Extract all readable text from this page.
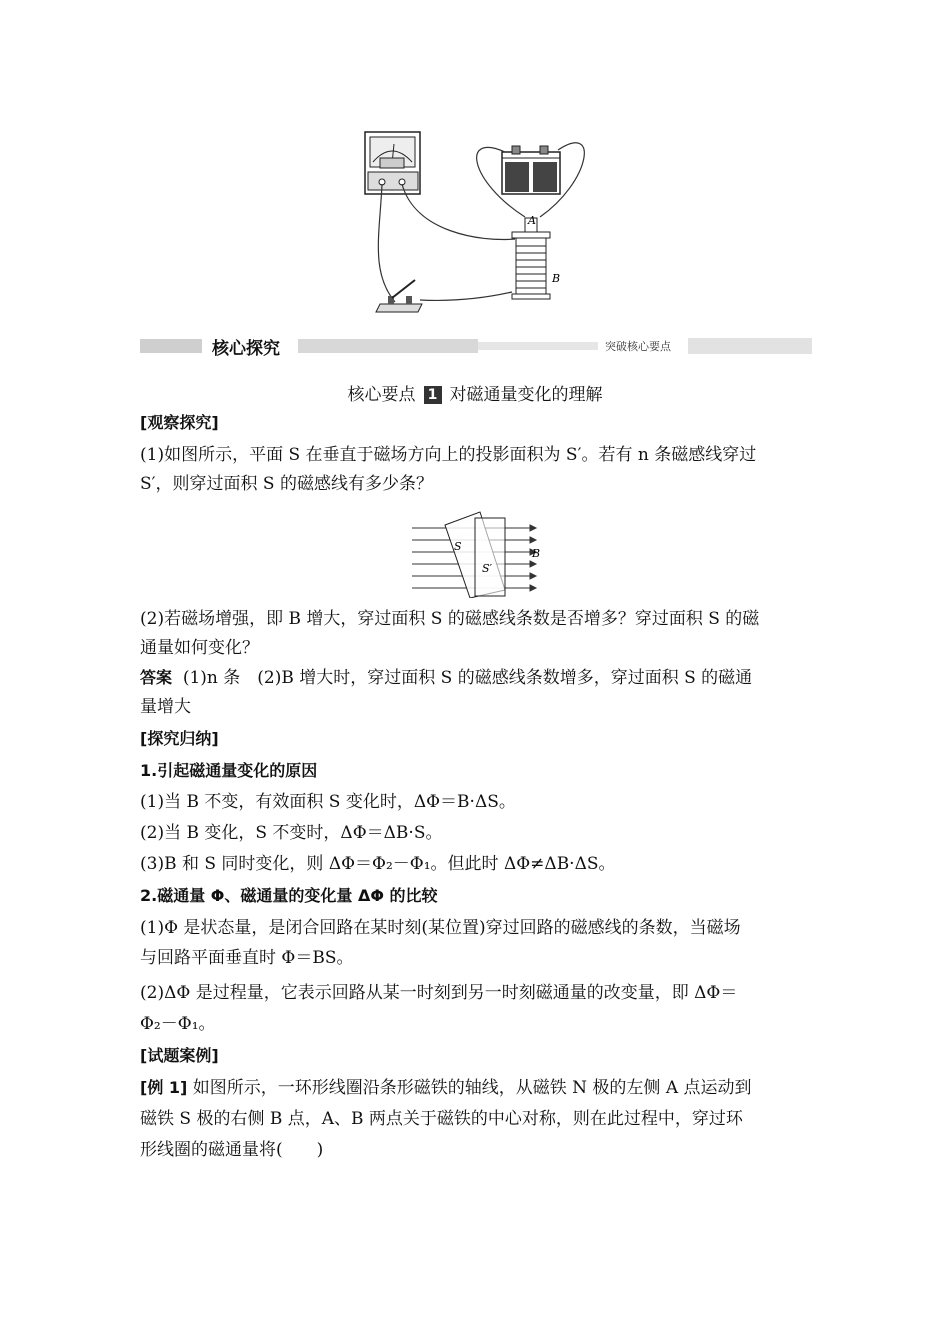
A
B
核心探究	突破核心要点
核心要点 1 对磁通量变化的理解
[观察探究]
(1)如图所示，平面 S 在垂直于磁场方向上的投影面积为 S′。若有 n 条磁感线穿过
S′，则穿过面积 S 的磁感线有多少条？
S
S′
B
(2)若磁场增强，即 B 增大，穿过面积 S 的磁感线条数是否增多？穿过面积 S 的磁
通量如何变化？
答案 (1)n 条　(2)B 增大时，穿过面积 S 的磁感线条数增多，穿过面积 S 的磁通
量增大
[探究归纳]
1.引起磁通量变化的原因
(1)当 B 不变，有效面积 S 变化时，ΔΦ＝B·ΔS。
(2)当 B 变化，S 不变时，ΔΦ＝ΔB·S。
(3)B 和 S 同时变化，则 ΔΦ＝Φ₂－Φ₁。但此时 ΔΦ≠ΔB·ΔS。
2.磁通量 Φ、磁通量的变化量 ΔΦ 的比较
(1)Φ 是状态量，是闭合回路在某时刻(某位置)穿过回路的磁感线的条数，当磁场
与回路平面垂直时 Φ＝BS。
(2)ΔΦ 是过程量，它表示回路从某一时刻到另一时刻磁通量的改变量，即 ΔΦ＝
Φ₂－Φ₁。
[试题案例]
[例 1] 如图所示，一环形线圈沿条形磁铁的轴线，从磁铁 N 极的左侧 A 点运动到
磁铁 S 极的右侧 B 点，A、B 两点关于磁铁的中心对称，则在此过程中，穿过环
形线圈的磁通量将(　　)
